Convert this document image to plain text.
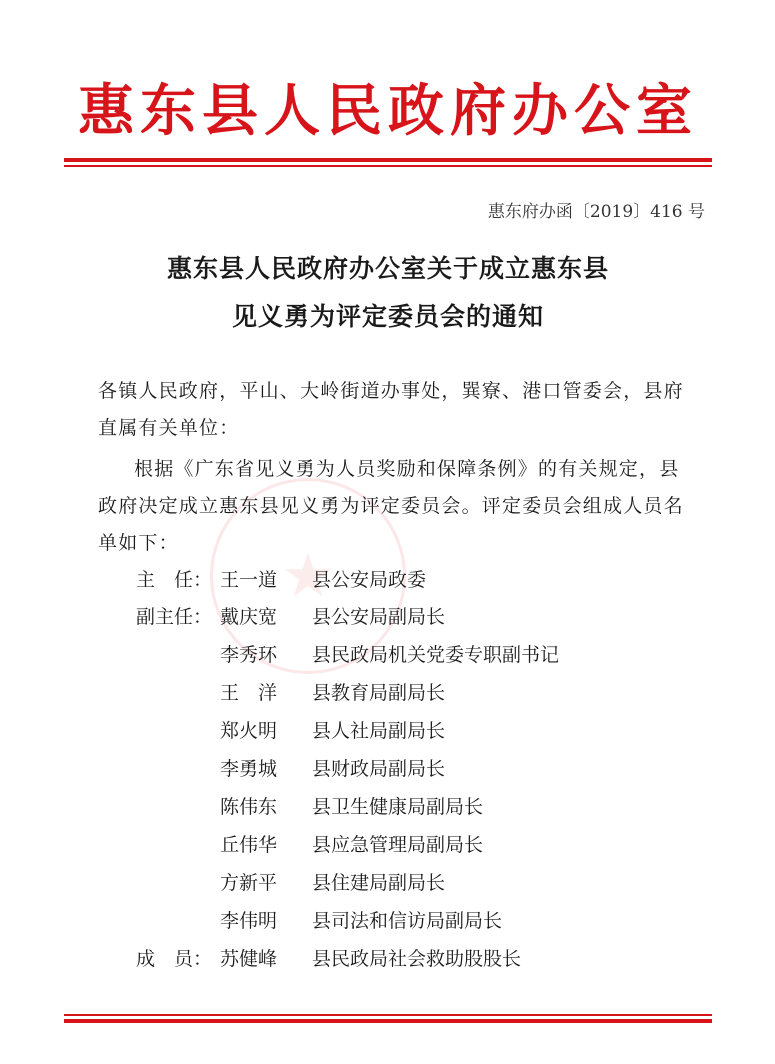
惠东县人民政府办公室
惠东府办函〔2019〕416 号
惠东县人民政府办公室关于成立惠东县
见义勇为评定委员会的通知
★
各镇人民政府，平山、大岭街道办事处，巽寮、港口管委会，县府
直属有关单位：
根据《广东省见义勇为人员奖励和保障条例》的有关规定，县
政府决定成立惠东县见义勇为评定委员会。评定委员会组成人员名
单如下：
主　任： 王一道 县公安局政委
副主任： 戴庆宽 县公安局副局长
李秀环 县民政局机关党委专职副书记
王　洋 县教育局副局长
郑火明 县人社局副局长
李勇城 县财政局副局长
陈伟东 县卫生健康局副局长
丘伟华 县应急管理局副局长
方新平 县住建局副局长
李伟明 县司法和信访局副局长
成　员： 苏健峰 县民政局社会救助股股长
